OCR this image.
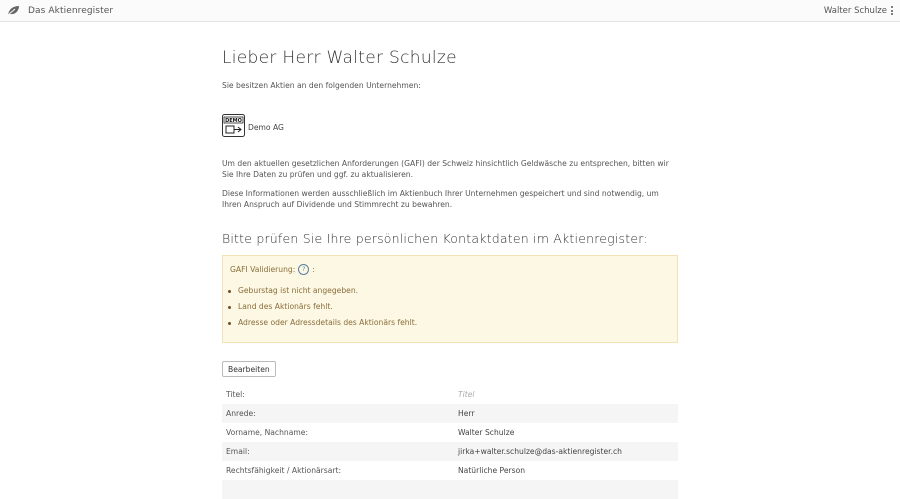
Das Aktienregister	Walter Schulze
Lieber Herr Walter Schulze

Sie besitzen Aktien an den folgenden Unternehmen:

DEMO
Demo AG

Um den aktuellen gesetzlichen Anforderungen (GAFI) der Schweiz hinsichtlich Geldwäsche zu entsprechen, bitten wir Sie Ihre Daten zu prüfen und ggf. zu aktualisieren.

Diese Informationen werden ausschließlich im Aktienbuch Ihrer Unternehmen gespeichert und sind notwendig, um Ihren Anspruch auf Dividende und Stimmrecht zu bewahren.

Bitte prüfen Sie Ihre persönlichen Kontaktdaten im Aktienregister:
GAFI Validierung:	? :
Geburstag ist nicht angegeben.
Land des Aktionärs fehlt.
Adresse oder Adressdetails des Aktionärs fehlt.
Bearbeiten
Titel:	Titel
Anrede:	Herr
Vorname, Nachname:	Walter Schulze
Email:	jirka+walter.schulze@das-aktienregister.ch
Rechtsfähigkeit / Aktionärsart:	Natürliche Person
